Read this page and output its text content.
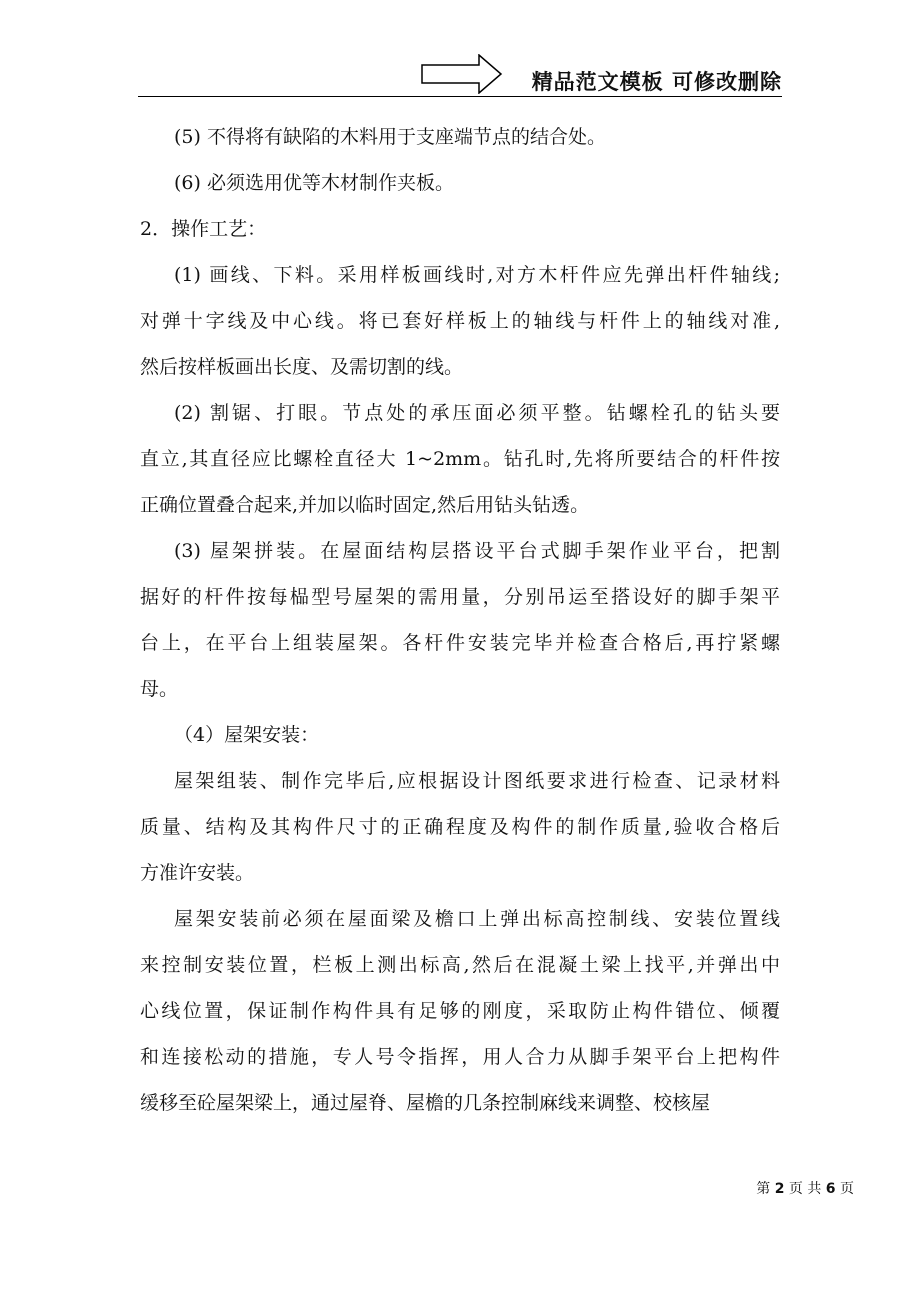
精品范文模板 可修改删除
(5) 不得将有缺陷的木料用于支座端节点的结合处。
(6) 必须选用优等木材制作夹板。
2．操作工艺：
(1) 画线、下料。采用样板画线时,对方木杆件应先弹出杆件轴线;
对弹十字线及中心线。将已套好样板上的轴线与杆件上的轴线对准,
然后按样板画出长度、及需切割的线。
(2) 割锯、打眼。节点处的承压面必须平整。钻螺栓孔的钻头要
直立,其直径应比螺栓直径大 1~2mm。钻孔时,先将所要结合的杆件按
正确位置叠合起来,并加以临时固定,然后用钻头钻透。
(3) 屋架拼装。在屋面结构层搭设平台式脚手架作业平台，把割
据好的杆件按每榀型号屋架的需用量，分别吊运至搭设好的脚手架平
台上，在平台上组装屋架。各杆件安装完毕并检查合格后,再拧紧螺
母。
（4）屋架安装：
屋架组装、制作完毕后,应根据设计图纸要求进行检查、记录材料
质量、结构及其构件尺寸的正确程度及构件的制作质量,验收合格后
方准许安装。
屋架安装前必须在屋面梁及檐口上弹出标高控制线、安装位置线
来控制安装位置，栏板上测出标高,然后在混凝土梁上找平,并弹出中
心线位置，保证制作构件具有足够的刚度，采取防止构件错位、倾覆
和连接松动的措施，专人号令指挥，用人合力从脚手架平台上把构件
缓移至砼屋架梁上，通过屋脊、屋檐的几条控制麻线来调整、校核屋
第 2 页 共 6 页
